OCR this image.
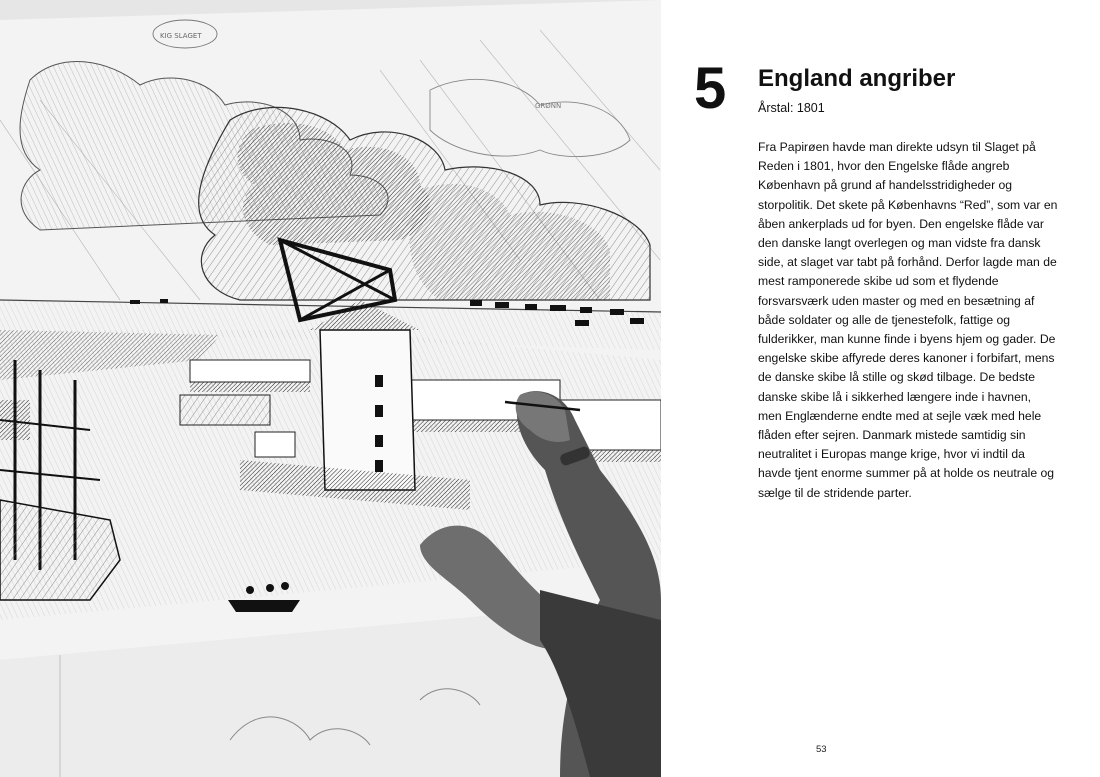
KIG SLAGET
GRØNN 5 England angriber
Årstal: 1801

Fra Papirøen havde man direkte udsyn til Slaget på Reden i 1801, hvor den Engelske flåde angreb København på grund af handelsstridigheder og storpolitik. Det skete på Københavns “Red”, som var en åben ankerplads ud for byen. Den engelske flåde var den danske langt overlegen og man vidste fra dansk side, at slaget var tabt på forhånd. Derfor lagde man de mest ramponerede skibe ud som et flydende forsvarsværk uden master og med en besætning af både soldater og alle de tjenestefolk, fattige og fulderikker, man kunne finde i byens hjem og gader. De engelske skibe affyrede deres kanoner i forbifart, mens de danske skibe lå stille og skød tilbage. De bedste danske skibe lå i sikkerhed længere inde i havnen, men Englænderne endte med at sejle væk med hele flåden efter sejren. Danmark mistede samtidig sin neutralitet i Europas mange krige, hvor vi indtil da havde tjent enorme summer på at holde os neutrale og sælge til de stridende parter.

53
